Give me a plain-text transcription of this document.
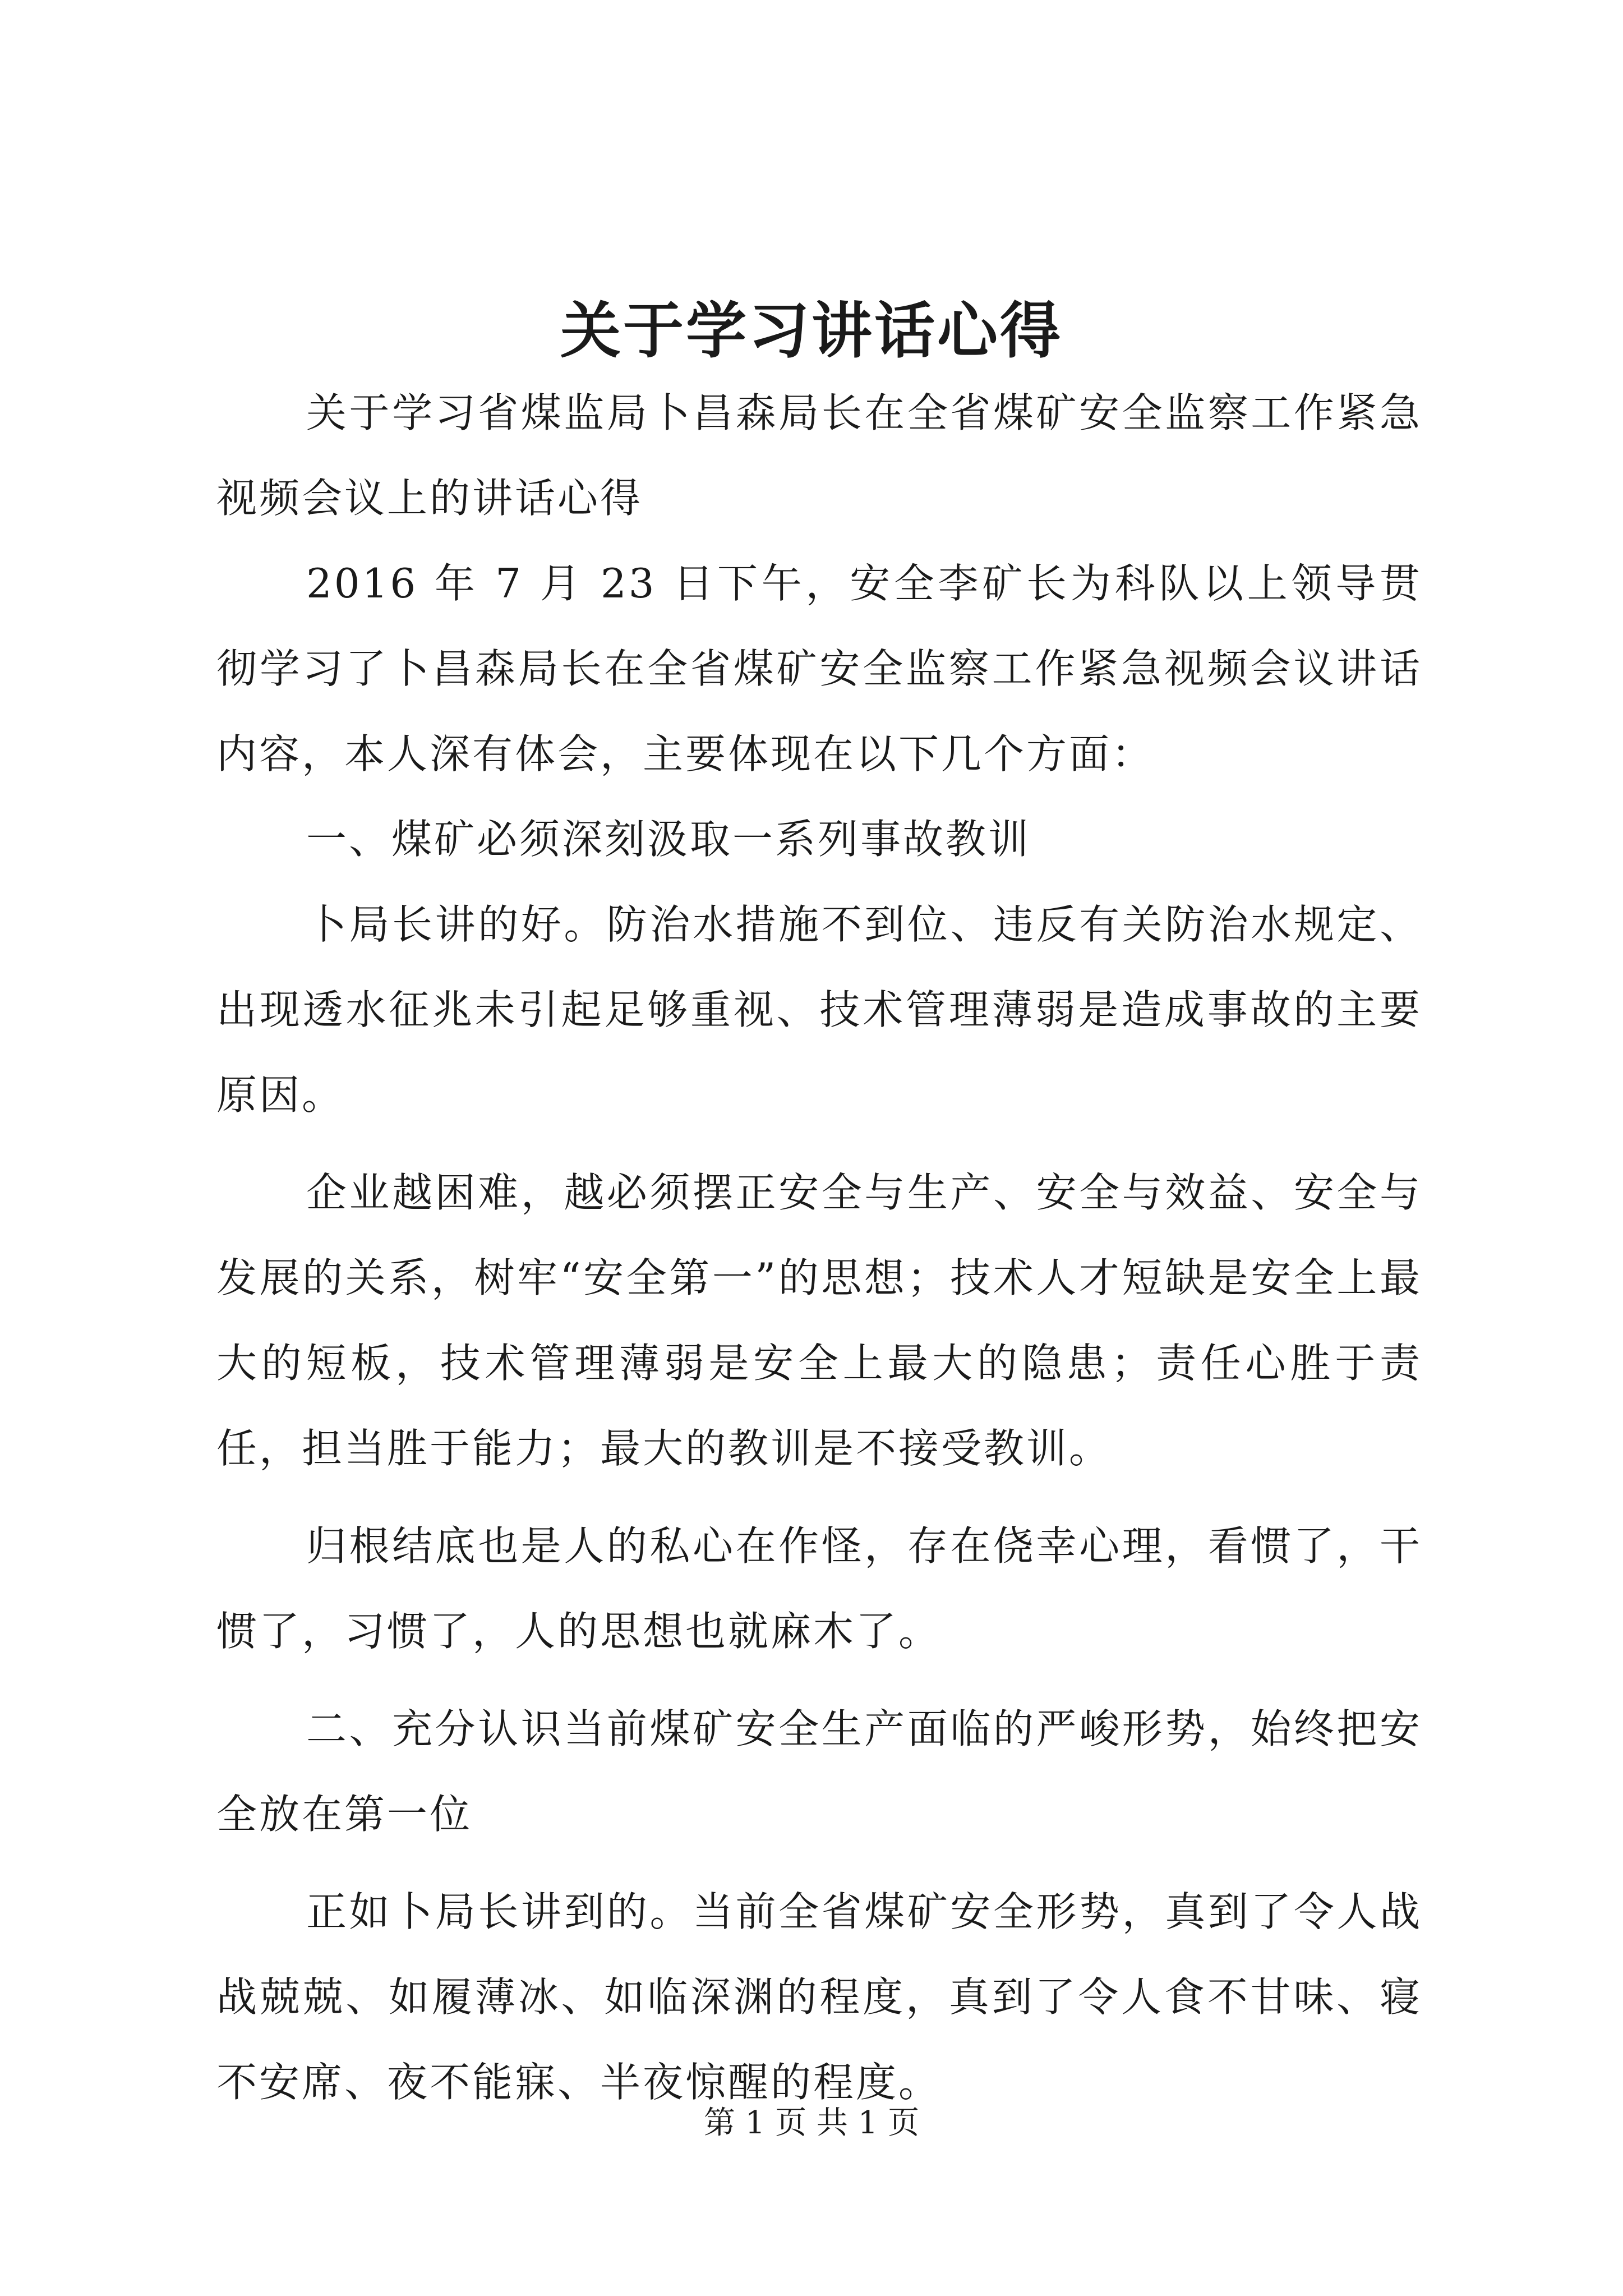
关于学习讲话心得

关于学习省煤监局卜昌森局长在全省煤矿安全监察工作紧急视频会议上的讲话心得

2016 年 7 月 23 日下午，安全李矿长为科队以上领导贯彻学习了卜昌森局长在全省煤矿安全监察工作紧急视频会议讲话内容，本人深有体会，主要体现在以下几个方面：

一、煤矿必须深刻汲取一系列事故教训

卜局长讲的好。防治水措施不到位、违反有关防治水规定、出现透水征兆未引起足够重视、技术管理薄弱是造成事故的主要原因。

企业越困难，越必须摆正安全与生产、安全与效益、安全与发展的关系，树牢“安全第一”的思想；技术人才短缺是安全上最大的短板，技术管理薄弱是安全上最大的隐患；责任心胜于责任，担当胜于能力；最大的教训是不接受教训。

归根结底也是人的私心在作怪，存在侥幸心理，看惯了，干惯了，习惯了，人的思想也就麻木了。

二、充分认识当前煤矿安全生产面临的严峻形势，始终把安全放在第一位

正如卜局长讲到的。当前全省煤矿安全形势，真到了令人战战兢兢、如履薄冰、如临深渊的程度，真到了令人食不甘味、寝不安席、夜不能寐、半夜惊醒的程度。

第 1 页 共 1 页
